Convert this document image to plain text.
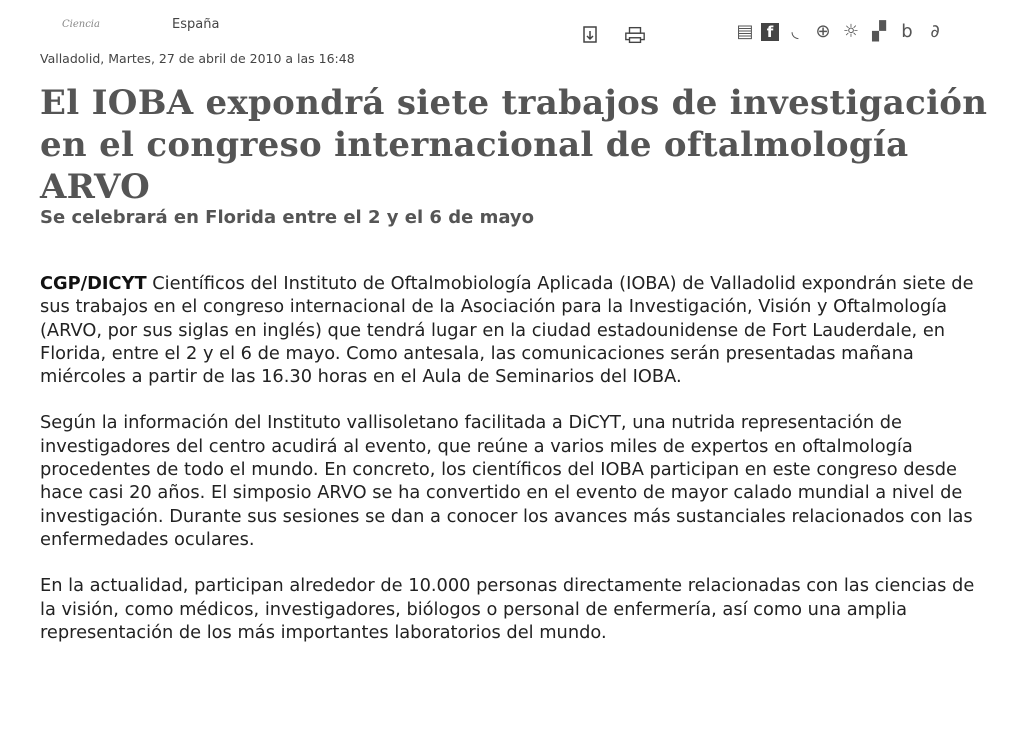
Ciencia	España
Valladolid, Martes, 27 de abril de 2010 a las 16:48
▤ f	◟ ⊕ ☼ ▞ b ∂
El IOBA expondrá siete trabajos de investigación en el congreso internacional de oftalmología ARVO
Se celebrará en Florida entre el 2 y el 6 de mayo

CGP/DICYT Científicos del Instituto de Oftalmobiología Aplicada (IOBA) de Valladolid expondrán siete de sus trabajos en el congreso internacional de la Asociación para la Investigación, Visión y Oftalmología (ARVO, por sus siglas en inglés) que tendrá lugar en la ciudad estadounidense de Fort Lauderdale, en Florida, entre el 2 y el 6 de mayo. Como antesala, las comunicaciones serán presentadas mañana miércoles a partir de las 16.30 horas en el Aula de Seminarios del IOBA.

Según la información del Instituto vallisoletano facilitada a DiCYT, una nutrida representación de investigadores del centro acudirá al evento, que reúne a varios miles de expertos en oftalmología procedentes de todo el mundo. En concreto, los científicos del IOBA participan en este congreso desde hace casi 20 años. El simposio ARVO se ha convertido en el evento de mayor calado mundial a nivel de investigación. Durante sus sesiones se dan a conocer los avances más sustanciales relacionados con las enfermedades oculares.

En la actualidad, participan alrededor de 10.000 personas directamente relacionadas con las ciencias de la visión, como médicos, investigadores, biólogos o personal de enfermería, así como una amplia representación de los más importantes laboratorios del mundo.
